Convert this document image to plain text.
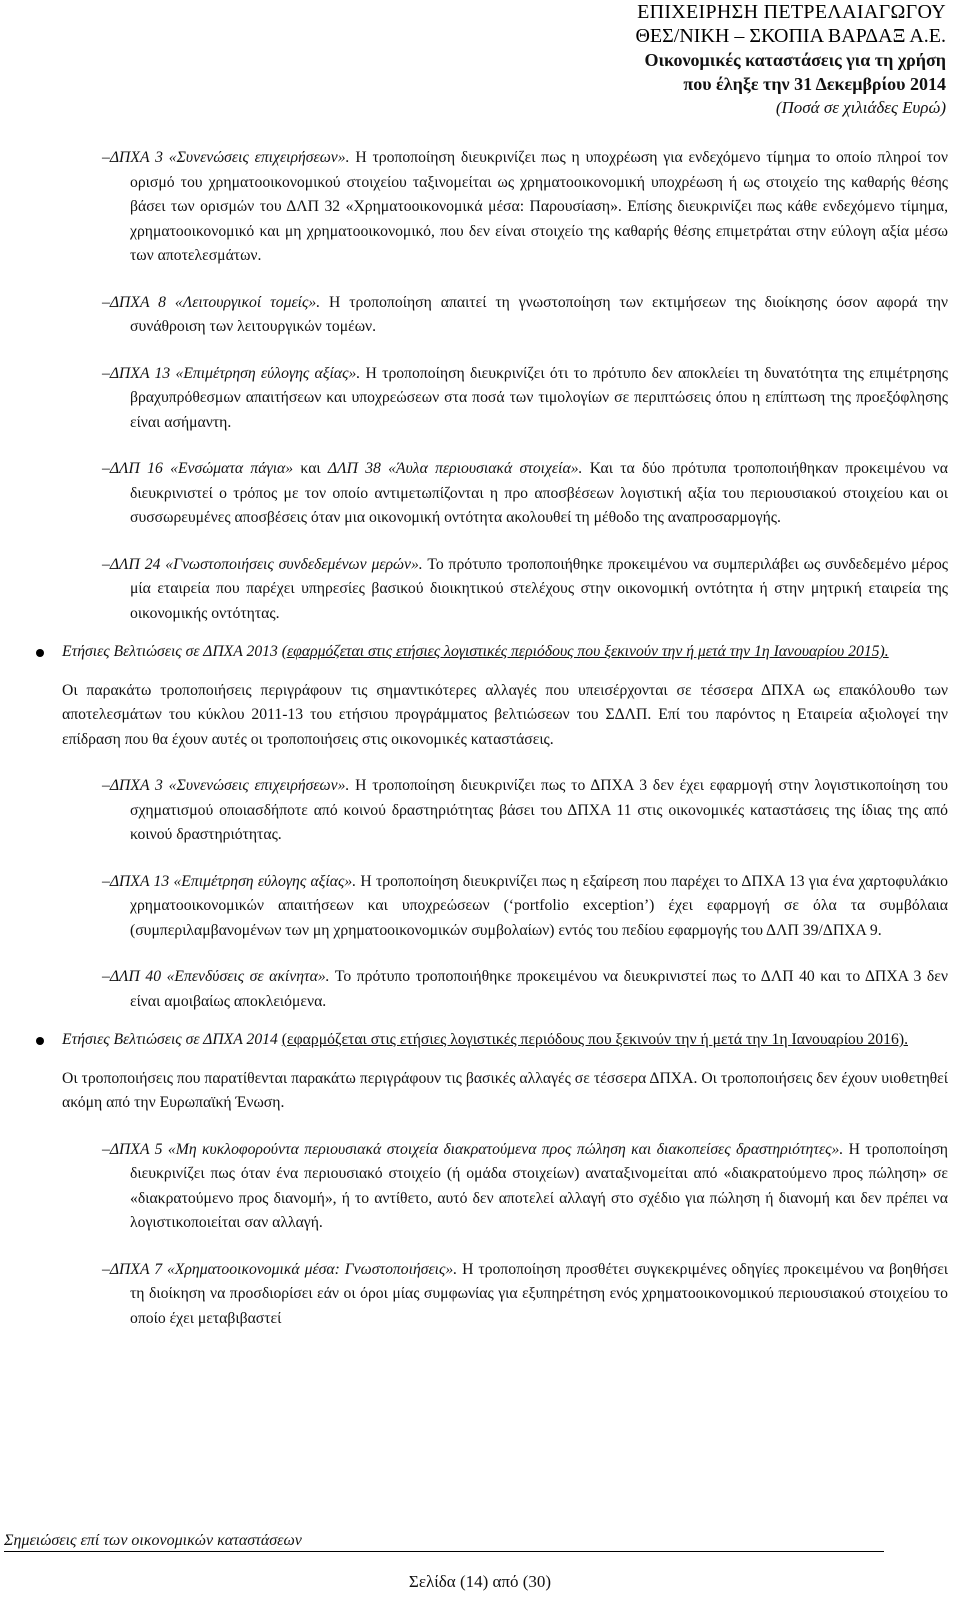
ΕΠΙΧΕΙΡΗΣΗ ΠΕΤΡΕΛΑΙΑΓΩΓΟΥ
ΘΕΣ/ΝΙΚΗ – ΣΚΟΠΙΑ ΒΑΡΔΑΞ Α.Ε.
Οικονομικές καταστάσεις για τη χρήση
που έληξε την 31 Δεκεμβρίου 2014
(Ποσά σε χιλιάδες Ευρώ)
–ΔΠΧΑ 3 «Συνενώσεις επιχειρήσεων». Η τροποποίηση διευκρινίζει πως η υποχρέωση για ενδεχόμενο τίμημα το οποίο πληροί τον ορισμό του χρηματοοικονομικού στοιχείου ταξινομείται ως χρηματοοικονομική υποχρέωση ή ως στοιχείο της καθαρής θέσης βάσει των ορισμών του ΔΛΠ 32 «Χρηματοοικονομικά μέσα: Παρουσίαση». Επίσης διευκρινίζει πως κάθε ενδεχόμενο τίμημα, χρηματοοικονομικό και μη χρηματοοικονομικό, που δεν είναι στοιχείο της καθαρής θέσης επιμετράται στην εύλογη αξία μέσω των αποτελεσμάτων.
–ΔΠΧΑ 8 «Λειτουργικοί τομείς». Η τροποποίηση απαιτεί τη γνωστοποίηση των εκτιμήσεων της διοίκησης όσον αφορά την συνάθροιση των λειτουργικών τομέων.
–ΔΠΧΑ 13 «Επιμέτρηση εύλογης αξίας». Η τροποποίηση διευκρινίζει ότι το πρότυπο δεν αποκλείει τη δυνατότητα της επιμέτρησης βραχυπρόθεσμων απαιτήσεων και υποχρεώσεων στα ποσά των τιμολογίων σε περιπτώσεις όπου η επίπτωση της προεξόφλησης είναι ασήμαντη.
–ΔΛΠ 16 «Ενσώματα πάγια» και ΔΛΠ 38 «Άυλα περιουσιακά στοιχεία». Και τα δύο πρότυπα τροποποιήθηκαν προκειμένου να διευκρινιστεί ο τρόπος με τον οποίο αντιμετωπίζονται η προ αποσβέσεων λογιστική αξία του περιουσιακού στοιχείου και οι συσσωρευμένες αποσβέσεις όταν μια οικονομική οντότητα ακολουθεί τη μέθοδο της αναπροσαρμογής.
–ΔΛΠ 24 «Γνωστοποιήσεις συνδεδεμένων μερών». Το πρότυπο τροποποιήθηκε προκειμένου να συμπεριλάβει ως συνδεδεμένο μέρος μία εταιρεία που παρέχει υπηρεσίες βασικού διοικητικού στελέχους στην οικονομική οντότητα ή στην μητρική εταιρεία της οικονομικής οντότητας.
Ετήσιες Βελτιώσεις σε ΔΠΧΑ 2013 (εφαρμόζεται στις ετήσιες λογιστικές περιόδους που ξεκινούν την ή μετά την 1η Ιανουαρίου 2015).
Οι παρακάτω τροποποιήσεις περιγράφουν τις σημαντικότερες αλλαγές που υπεισέρχονται σε τέσσερα ΔΠΧΑ ως επακόλουθο των αποτελεσμάτων του κύκλου 2011-13 του ετήσιου προγράμματος βελτιώσεων του ΣΔΛΠ. Επί του παρόντος η Εταιρεία αξιολογεί την επίδραση που θα έχουν αυτές οι τροποποιήσεις στις οικονομικές καταστάσεις.
–ΔΠΧΑ 3 «Συνενώσεις επιχειρήσεων». Η τροποποίηση διευκρινίζει πως το ΔΠΧΑ 3 δεν έχει εφαρμογή στην λογιστικοποίηση του σχηματισμού οποιασδήποτε από κοινού δραστηριότητας βάσει του ΔΠΧΑ 11 στις οικονομικές καταστάσεις της ίδιας της από κοινού δραστηριότητας.
–ΔΠΧΑ 13 «Επιμέτρηση εύλογης αξίας». Η τροποποίηση διευκρινίζει πως η εξαίρεση που παρέχει το ΔΠΧΑ 13 για ένα χαρτοφυλάκιο χρηματοοικονομικών απαιτήσεων και υποχρεώσεων (‘portfolio exception’) έχει εφαρμογή σε όλα τα συμβόλαια (συμπεριλαμβανομένων των μη χρηματοοικονομικών συμβολαίων) εντός του πεδίου εφαρμογής του ΔΛΠ 39/ΔΠΧΑ 9.
–ΔΛΠ 40 «Επενδύσεις σε ακίνητα». Το πρότυπο τροποποιήθηκε προκειμένου να διευκρινιστεί πως το ΔΛΠ 40 και το ΔΠΧΑ 3 δεν είναι αμοιβαίως αποκλειόμενα.
Ετήσιες Βελτιώσεις σε ΔΠΧΑ 2014 (εφαρμόζεται στις ετήσιες λογιστικές περιόδους που ξεκινούν την ή μετά την 1η Ιανουαρίου 2016).
Οι τροποποιήσεις που παρατίθενται παρακάτω περιγράφουν τις βασικές αλλαγές σε τέσσερα ΔΠΧΑ. Οι τροποποιήσεις δεν έχουν υιοθετηθεί ακόμη από την Ευρωπαϊκή Ένωση.
–ΔΠΧΑ 5 «Μη κυκλοφορούντα περιουσιακά στοιχεία διακρατούμενα προς πώληση και διακοπείσες δραστηριότητες». Η τροποποίηση διευκρινίζει πως όταν ένα περιουσιακό στοιχείο (ή ομάδα στοιχείων) αναταξινομείται από «διακρατούμενο προς πώληση» σε «διακρατούμενο προς διανομή», ή το αντίθετο, αυτό δεν αποτελεί αλλαγή στο σχέδιο για πώληση ή διανομή και δεν πρέπει να λογιστικοποιείται σαν αλλαγή.
–ΔΠΧΑ 7 «Χρηματοοικονομικά μέσα: Γνωστοποιήσεις». Η τροποποίηση προσθέτει συγκεκριμένες οδηγίες προκειμένου να βοηθήσει τη διοίκηση να προσδιορίσει εάν οι όροι μίας συμφωνίας για εξυπηρέτηση ενός χρηματοοικονομικού περιουσιακού στοιχείου το οποίο έχει μεταβιβαστεί
Σημειώσεις επί των οικονομικών καταστάσεων
Σελίδα (14) από (30)
